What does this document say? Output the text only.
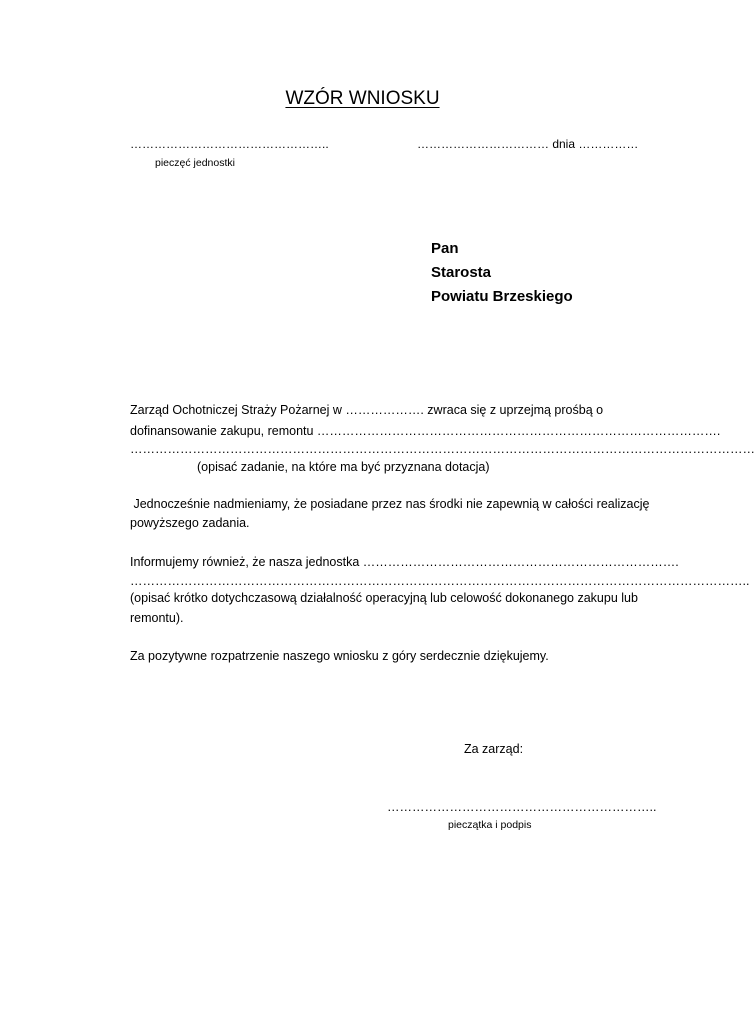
WZÓR WNIOSKU
…………………………………………..	…………………………… dnia ……………
pieczęć jednostki
Pan
Starosta
Powiatu Brzeskiego
Zarząd Ochotniczej Straży Pożarnej w ………………. zwraca się z uprzejmą prośbą o
dofinansowanie zakupu, remontu …………………………………………………………………………………….
……………………………………………………………………………………………………………………………………
(opisać zadanie, na które ma być przyznana dotacja)
Jednocześnie nadmieniamy, że posiadane przez nas środki nie zapewnią w całości realizację
powyższego zadania.
Informujemy również, że nasza jednostka ………………………………………………………………….
…………………………………………………………………………………………………………………………………..
(opisać krótko dotychczasową działalność operacyjną lub celowość dokonanego zakupu lub
remontu).
Za pozytywne rozpatrzenie naszego wniosku z góry serdecznie dziękujemy.
Za zarząd:
………………………………………………………..
pieczątka i podpis
